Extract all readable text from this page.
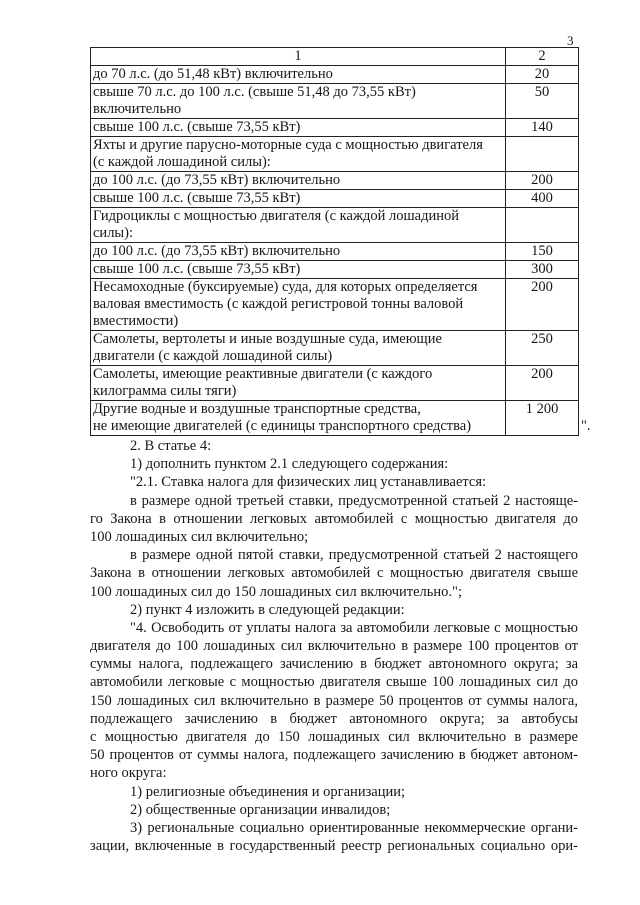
3
1	2

до 70 л.с. (до 51,48 кВт) включительно	20

свыше 70 л.с. до 100 л.с. (свыше 51,48 до 73,55 кВт)
включительно	50

свыше 100 л.с. (свыше 73,55 кВт)	140

Яхты и другие парусно-моторные суда с мощностью двигателя
(с каждой лошадиной силы):	

до 100 л.с. (до 73,55 кВт) включительно	200

свыше 100 л.с. (свыше 73,55 кВт)	400

Гидроциклы с мощностью двигателя (с каждой лошадиной
силы):	

до 100 л.с. (до 73,55 кВт) включительно	150

свыше 100 л.с. (свыше 73,55 кВт)	300

Несамоходные (буксируемые) суда, для которых определяется
валовая вместимость (с каждой регистровой тонны валовой
вместимости)	200

Самолеты, вертолеты и иные воздушные суда, имеющие
двигатели (с каждой лошадиной силы)	250

Самолеты, имеющие реактивные двигатели (с каждого
килограмма силы тяги)	200

Другие водные и воздушные транспортные средства,
не имеющие двигателей (с единицы транспортного средства)	1 200
".
2. В статье 4:
1) дополнить пунктом 2.1 следующего содержания:
"2.1. Ставка налога для физических лиц устанавливается:
в размере одной третьей ставки, предусмотренной статьей 2 настояще-
го Закона в отношении легковых автомобилей с мощностью двигателя до
100 лошадиных сил включительно;
в размере одной пятой ставки, предусмотренной статьей 2 настоящего
Закона в отношении легковых автомобилей с мощностью двигателя свыше
100 лошадиных сил до 150 лошадиных сил включительно.";
2) пункт 4 изложить в следующей редакции:
"4. Освободить от уплаты налога за автомобили легковые с мощностью
двигателя до 100 лошадиных сил включительно в размере 100 процентов от
суммы налога, подлежащего зачислению в бюджет автономного округа; за
автомобили легковые с мощностью двигателя свыше 100 лошадиных сил до
150 лошадиных сил включительно в размере 50 процентов от суммы налога,
подлежащего зачислению в бюджет автономного округа; за автобусы
с мощностью двигателя до 150 лошадиных сил включительно в размере
50 процентов от суммы налога, подлежащего зачислению в бюджет автоном-
ного округа:
1) религиозные объединения и организации;
2) общественные организации инвалидов;
3) региональные социально ориентированные некоммерческие органи-
зации, включенные в государственный реестр региональных социально ори-
